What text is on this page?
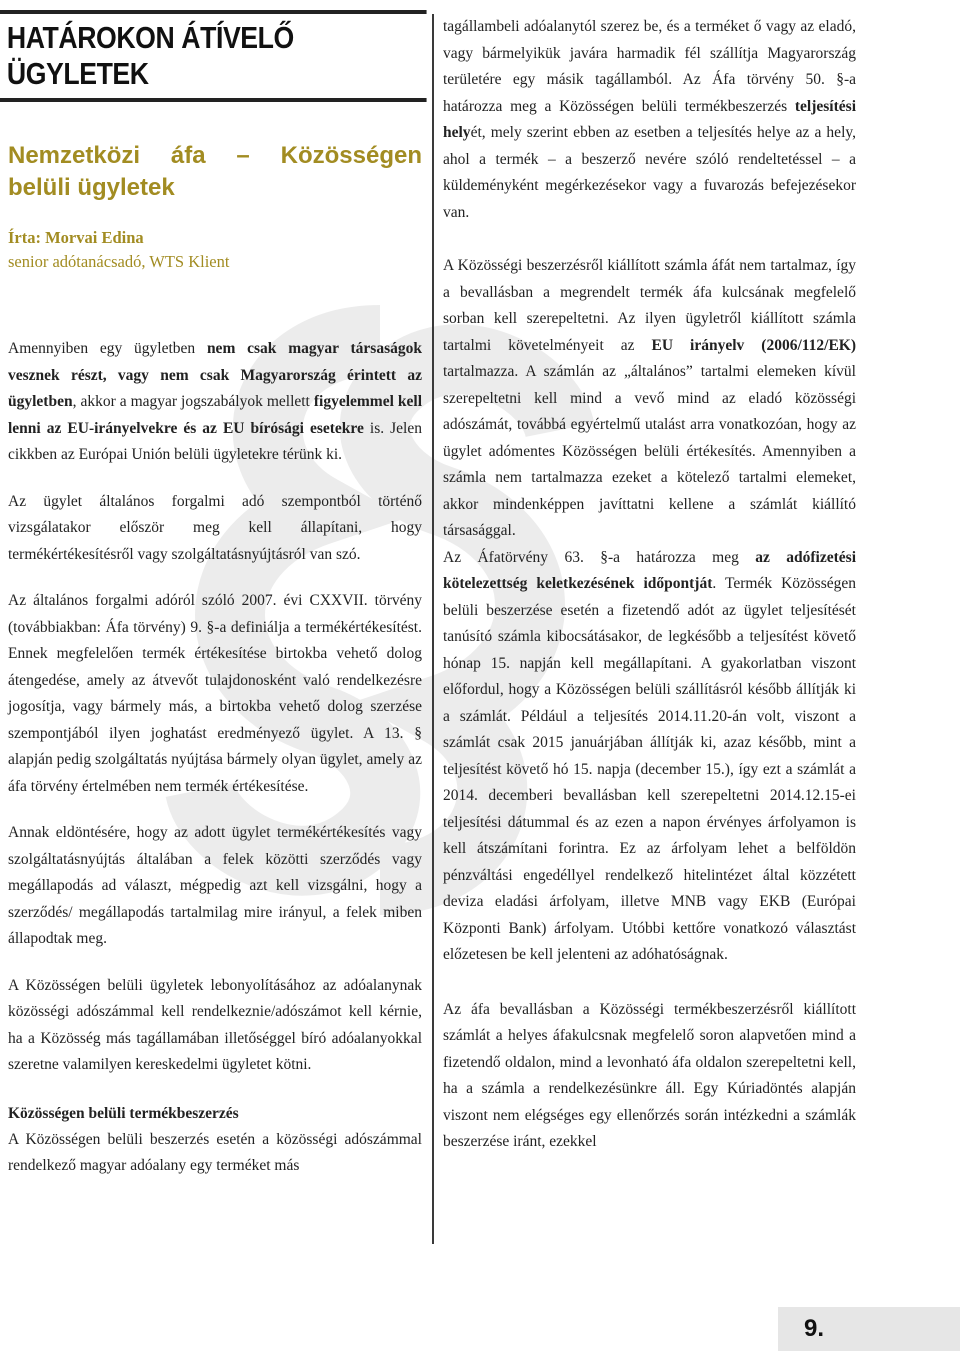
HATÁROKON ÁTÍVELŐ ÜGYLETEK
Nemzetközi áfa – Közösségen
belüli ügyletek
Írta: Morvai Edina
senior adótanácsadó, WTS Klient

Amennyiben egy ügyletben nem csak magyar társaságok vesznek részt, vagy nem csak Magyarország érintett az ügyletben, akkor a magyar jogszabályok mellett figyelemmel kell lenni az EU-irányelvekre és az EU bírósági esetekre is. Jelen cikkben az Európai Unión belüli ügyletekre térünk ki.

Az ügylet általános forgalmi adó szempontból történő vizsgálatakor először meg kell állapítani, hogy termékértékesítésről vagy szolgáltatásnyújtásról van szó.

Az általános forgalmi adóról szóló 2007. évi CXXVII. törvény (továbbiakban: Áfa törvény) 9. §-a definiálja a termékértékesítést. Ennek megfelelően termék értékesítése birtokba vehető dolog átengedése, amely az átvevőt tulajdonosként való rendelkezésre jogosítja, vagy bármely más, a birtokba vehető dolog szerzése szempontjából ilyen joghatást eredményező ügylet. A 13. § alapján pedig szolgáltatás nyújtása bármely olyan ügylet, amely az áfa törvény értelmében nem termék értékesítése.

Annak eldöntésére, hogy az adott ügylet termékértékesítés vagy szolgáltatásnyújtás általában a felek közötti szerződés vagy megállapodás ad választ, mégpedig azt kell vizsgálni, hogy a szerződés/ megállapodás tartalmilag mire irányul, a felek miben állapodtak meg.

A Közösségen belüli ügyletek lebonyolításához az adóalanynak közösségi adószámmal kell rendelkeznie/adószámot kell kérnie, ha a Közösség más tagállamában illetőséggel bíró adóalanyokkal szeretne valamilyen kereskedelmi ügyletet kötni.

Közösségen belüli termékbeszerzés

A Közösségen belüli beszerzés esetén a közösségi adószámmal rendelkező magyar adóalany egy terméket más

tagállambeli adóalanytól szerez be, és a terméket ő vagy az eladó, vagy bármelyikük javára harmadik fél szállítja Magyarország területére egy másik tagállamból. Az Áfa törvény 50. §-a határozza meg a Közösségen belüli termékbeszerzés teljesítési helyét, mely szerint ebben az esetben a teljesítés helye az a hely, ahol a termék – a beszerző nevére szóló rendeltetéssel – a küldeményként megérkezésekor vagy a fuvarozás befejezésekor van.

A Közösségi beszerzésről kiállított számla áfát nem tartalmaz, így a bevallásban a megrendelt termék áfa kulcsának megfelelő sorban kell szerepeltetni. Az ilyen ügyletről kiállított számla tartalmi követelményeit az EU irányelv (2006/112/EK) tartalmazza. A számlán az „általános” tartalmi elemeken kívül szerepeltetni kell mind a vevő mind az eladó közösségi adószámát, továbbá egyértelmű utalást arra vonatkozóan, hogy az ügylet adómentes Közösségen belüli értékesítés. Amennyiben a számla nem tartalmazza ezeket a kötelező tartalmi elemeket, akkor mindenképpen javíttatni kellene a számlát kiállító társasággal.

Az Áfatörvény 63. §-a határozza meg az adófizetési kötelezettség keletkezésének időpontját. Termék Közösségen belüli beszerzése esetén a fizetendő adót az ügylet teljesítését tanúsító számla kibocsátásakor, de legkésőbb a teljesítést követő hónap 15. napján kell megállapítani. A gyakorlatban viszont előfordul, hogy a Közösségen belüli szállításról később állítják ki a számlát. Például a teljesítés 2014.11.20-án volt, viszont a számlát csak 2015 januárjában állítják ki, azaz később, mint a teljesítést követő hó 15. napja (december 15.), így ezt a számlát a 2014. decemberi bevallásban kell szerepeltetni 2014.12.15-ei teljesítési dátummal és az ezen a napon érvényes árfolyamon is kell átszámítani forintra. Ez az árfolyam lehet a belföldön pénzváltási engedéllyel rendelkező hitelintézet által közzétett deviza eladási árfolyam, illetve MNB vagy EKB (Európai Központi Bank) árfolyam. Utóbbi kettőre vonatkozó választást előzetesen be kell jelenteni az adóhatóságnak.

Az áfa bevallásban a Közösségi termékbeszerzésről kiállított számlát a helyes áfakulcsnak megfelelő soron alapvetően mind a fizetendő oldalon, mind a levonható áfa oldalon szerepeltetni kell, ha a számla a rendelkezésünkre áll. Egy Kúriadöntés alapján viszont nem elégséges egy ellenőrzés során intézkedni a számlák beszerzése iránt, ezekkel

9.
